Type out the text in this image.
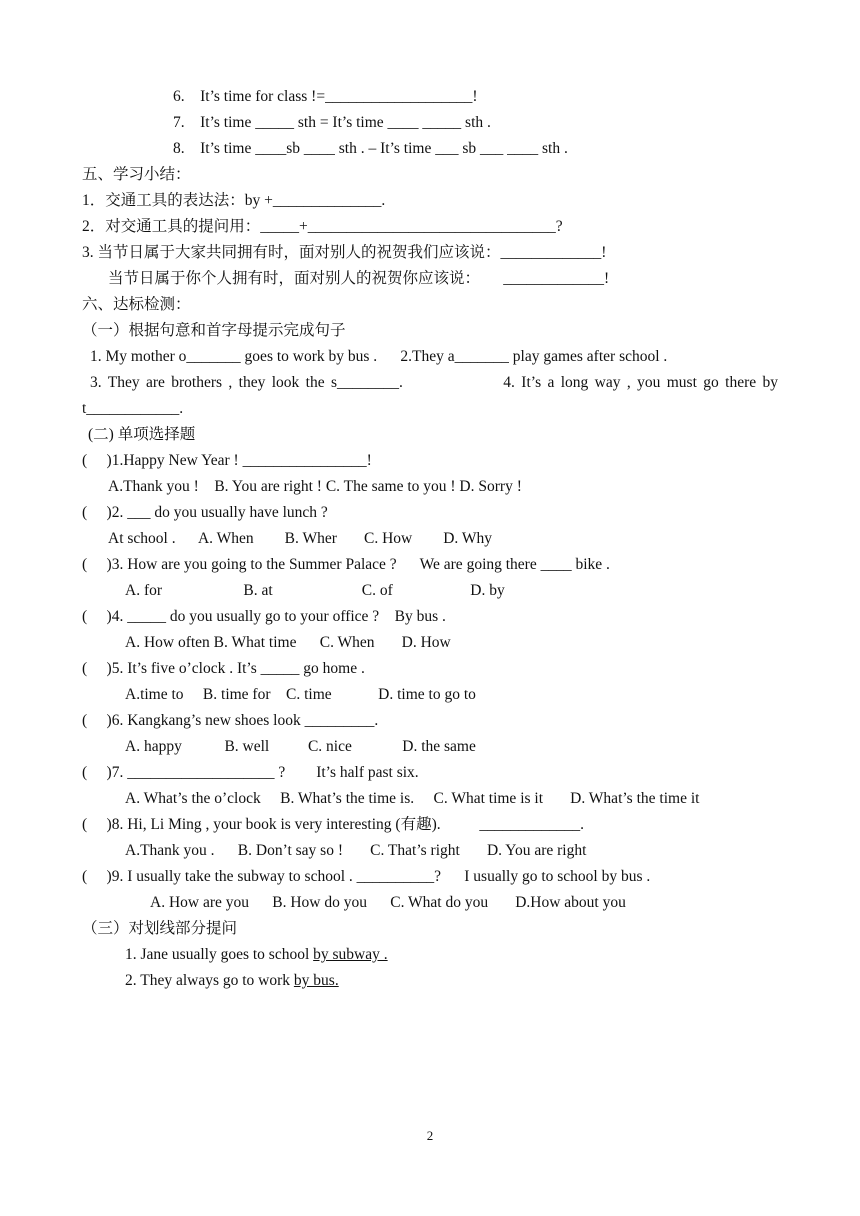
6.    It’s time for class !=___________________!
7.    It’s time _____ sth = It’s time ____ _____ sth .
8.    It’s time ____sb ____ sth . – It’s time ___ sb ___ ____ sth .
五、学习小结：
1．交通工具的表达法：by +______________.
2．对交通工具的提问用：_____+________________________________?
3. 当节日属于大家共同拥有时，面对别人的祝贺我们应该说：_____________!
当节日属于你个人拥有时，面对别人的祝贺你应该说：      _____________!
六、达标检测：
（一）根据句意和首字母提示完成句子
1. My mother o_______ goes to work by bus .      2.They a_______ play games after school .
3. They are brothers , they look the s________.	4. It’s a long way , you must go there by
t____________.
(二) 单项选择题
(     )1.Happy New Year ! ________________!
A.Thank you !    B. You are right ! C. The same to you ! D. Sorry !
(     )2. ___ do you usually have lunch ?
At school .      A. When        B. Wher       C. How        D. Why
(     )3. How are you going to the Summer Palace ?      We are going there ____ bike .
A. for                     B. at                       C. of                    D. by
(     )4. _____ do you usually go to your office ?    By bus .
A. How often B. What time      C. When       D. How
(     )5. It’s five o’clock . It’s _____ go home .
A.time to     B. time for    C. time            D. time to go to
(     )6. Kangkang’s new shoes look _________.
A. happy           B. well          C. nice             D. the same
(     )7. ___________________ ?        It’s half past six.
A. What’s the o’clock     B. What’s the time is.     C. What time is it       D. What’s the time it
(     )8. Hi, Li Ming , your book is very interesting (有趣).          _____________.
A.Thank you .      B. Don’t say so !       C. That’s right       D. You are right
(     )9. I usually take the subway to school . __________?      I usually go to school by bus .
A. How are you      B. How do you      C. What do you       D.How about you
（三）对划线部分提问
1. Jane usually goes to school by subway .
2. They always go to work by bus.
2
